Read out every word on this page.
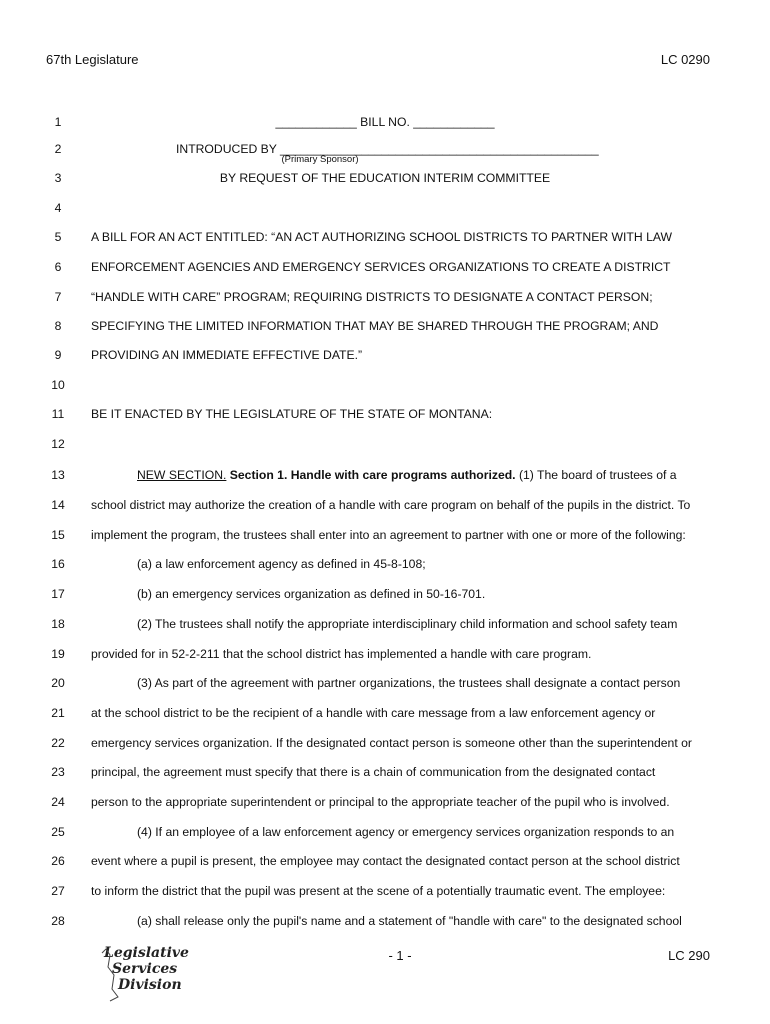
67th Legislature	LC 0290
(Primary Sponsor)
1	____________ BILL NO. ____________
2	INTRODUCED BY _______________________________________________
3	BY REQUEST OF THE EDUCATION INTERIM COMMITTEE
4
5	A BILL FOR AN ACT ENTITLED: “AN ACT AUTHORIZING SCHOOL DISTRICTS TO PARTNER WITH LAW
6	ENFORCEMENT AGENCIES AND EMERGENCY SERVICES ORGANIZATIONS TO CREATE A DISTRICT
7	“HANDLE WITH CARE” PROGRAM; REQUIRING DISTRICTS TO DESIGNATE A CONTACT PERSON;
8	SPECIFYING THE LIMITED INFORMATION THAT MAY BE SHARED THROUGH THE PROGRAM; AND
9	PROVIDING AN IMMEDIATE EFFECTIVE DATE.”
10
11	BE IT ENACTED BY THE LEGISLATURE OF THE STATE OF MONTANA:
12
13	NEW SECTION. Section 1. Handle with care programs authorized. (1) The board of trustees of a
14	school district may authorize the creation of a handle with care program on behalf of the pupils in the district. To
15	implement the program, the trustees shall enter into an agreement to partner with one or more of the following:
16	(a) a law enforcement agency as defined in 45-8-108;
17	(b) an emergency services organization as defined in 50-16-701.
18	(2) The trustees shall notify the appropriate interdisciplinary child information and school safety team
19	provided for in 52-2-211 that the school district has implemented a handle with care program.
20	(3) As part of the agreement with partner organizations, the trustees shall designate a contact person
21	at the school district to be the recipient of a handle with care message from a law enforcement agency or
22	emergency services organization. If the designated contact person is someone other than the superintendent or
23	principal, the agreement must specify that there is a chain of communication from the designated contact
24	person to the appropriate superintendent or principal to the appropriate teacher of the pupil who is involved.
25	(4) If an employee of a law enforcement agency or emergency services organization responds to an
26	event where a pupil is present, the employee may contact the designated contact person at the school district
27	to inform the district that the pupil was present at the scene of a potentially traumatic event. The employee:
28	(a) shall release only the pupil's name and a statement of "handle with care" to the designated school
- 1 -	LC 290
Legislative
Services
Division
